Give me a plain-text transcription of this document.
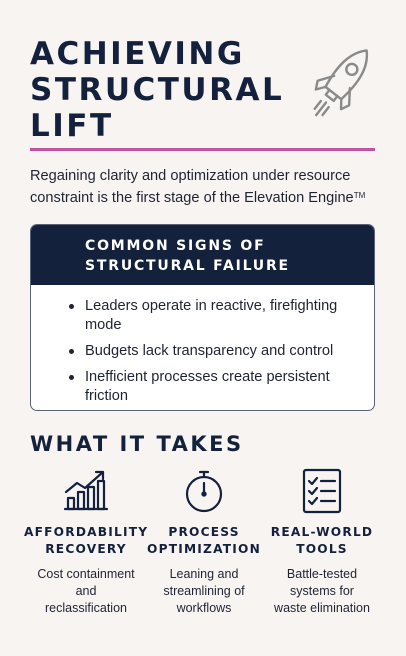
ACHIEVING
STRUCTURAL
LIFT

Regaining clarity and optimization under resource constraint is the first stage of the Elevation Engine™

COMMON SIGNS OF
STRUCTURAL FAILURE
Leaders operate in reactive, firefighting mode
Budgets lack transparency and control
Inefficient processes create persistent friction
WHAT IT TAKES
AFFORDABILITY
RECOVERY
Cost containment
and
reclassification
PROCESS
OPTIMIZATION
Leaning and
streamlining of
workflows
REAL-WORLD
TOOLS
Battle-tested
systems for
waste elimination
